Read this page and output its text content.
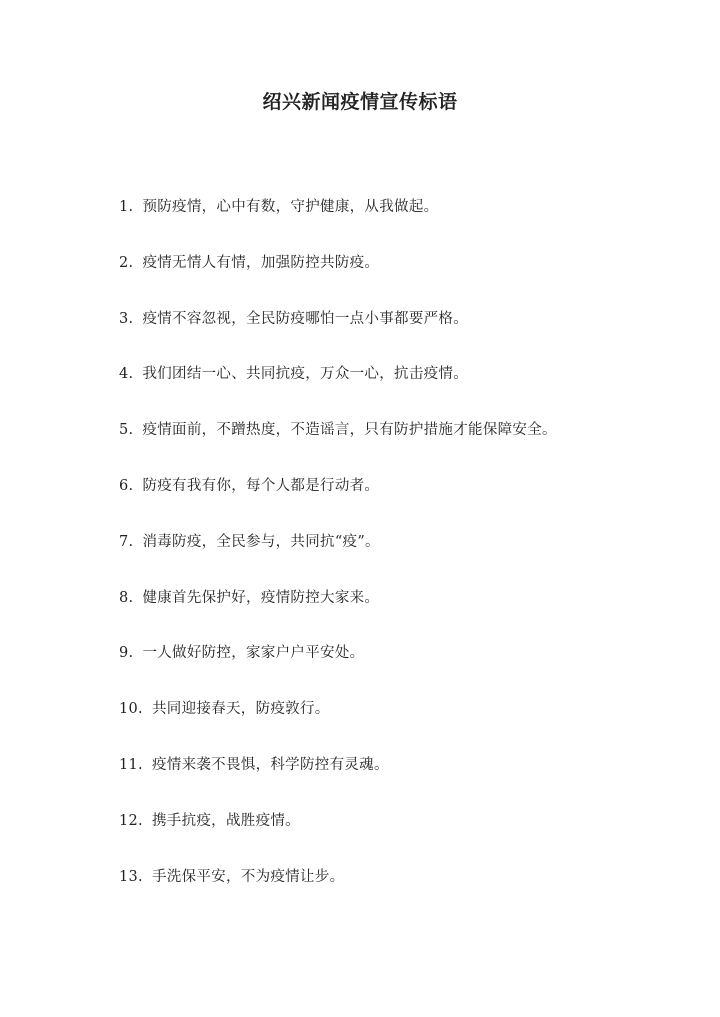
绍兴新闻疫情宣传标语
1. 预防疫情，心中有数，守护健康，从我做起。
2. 疫情无情人有情，加强防控共防疫。
3. 疫情不容忽视，全民防疫哪怕一点小事都要严格。
4. 我们团结一心、共同抗疫，万众一心，抗击疫情。
5. 疫情面前，不蹭热度，不造谣言，只有防护措施才能保障安全。
6. 防疫有我有你，每个人都是行动者。
7. 消毒防疫，全民参与，共同抗“疫”。
8. 健康首先保护好，疫情防控大家来。
9. 一人做好防控，家家户户平安处。
10. 共同迎接春天，防疫敦行。
11. 疫情来袭不畏惧，科学防控有灵魂。
12. 携手抗疫，战胜疫情。
13. 手洗保平安，不为疫情让步。
